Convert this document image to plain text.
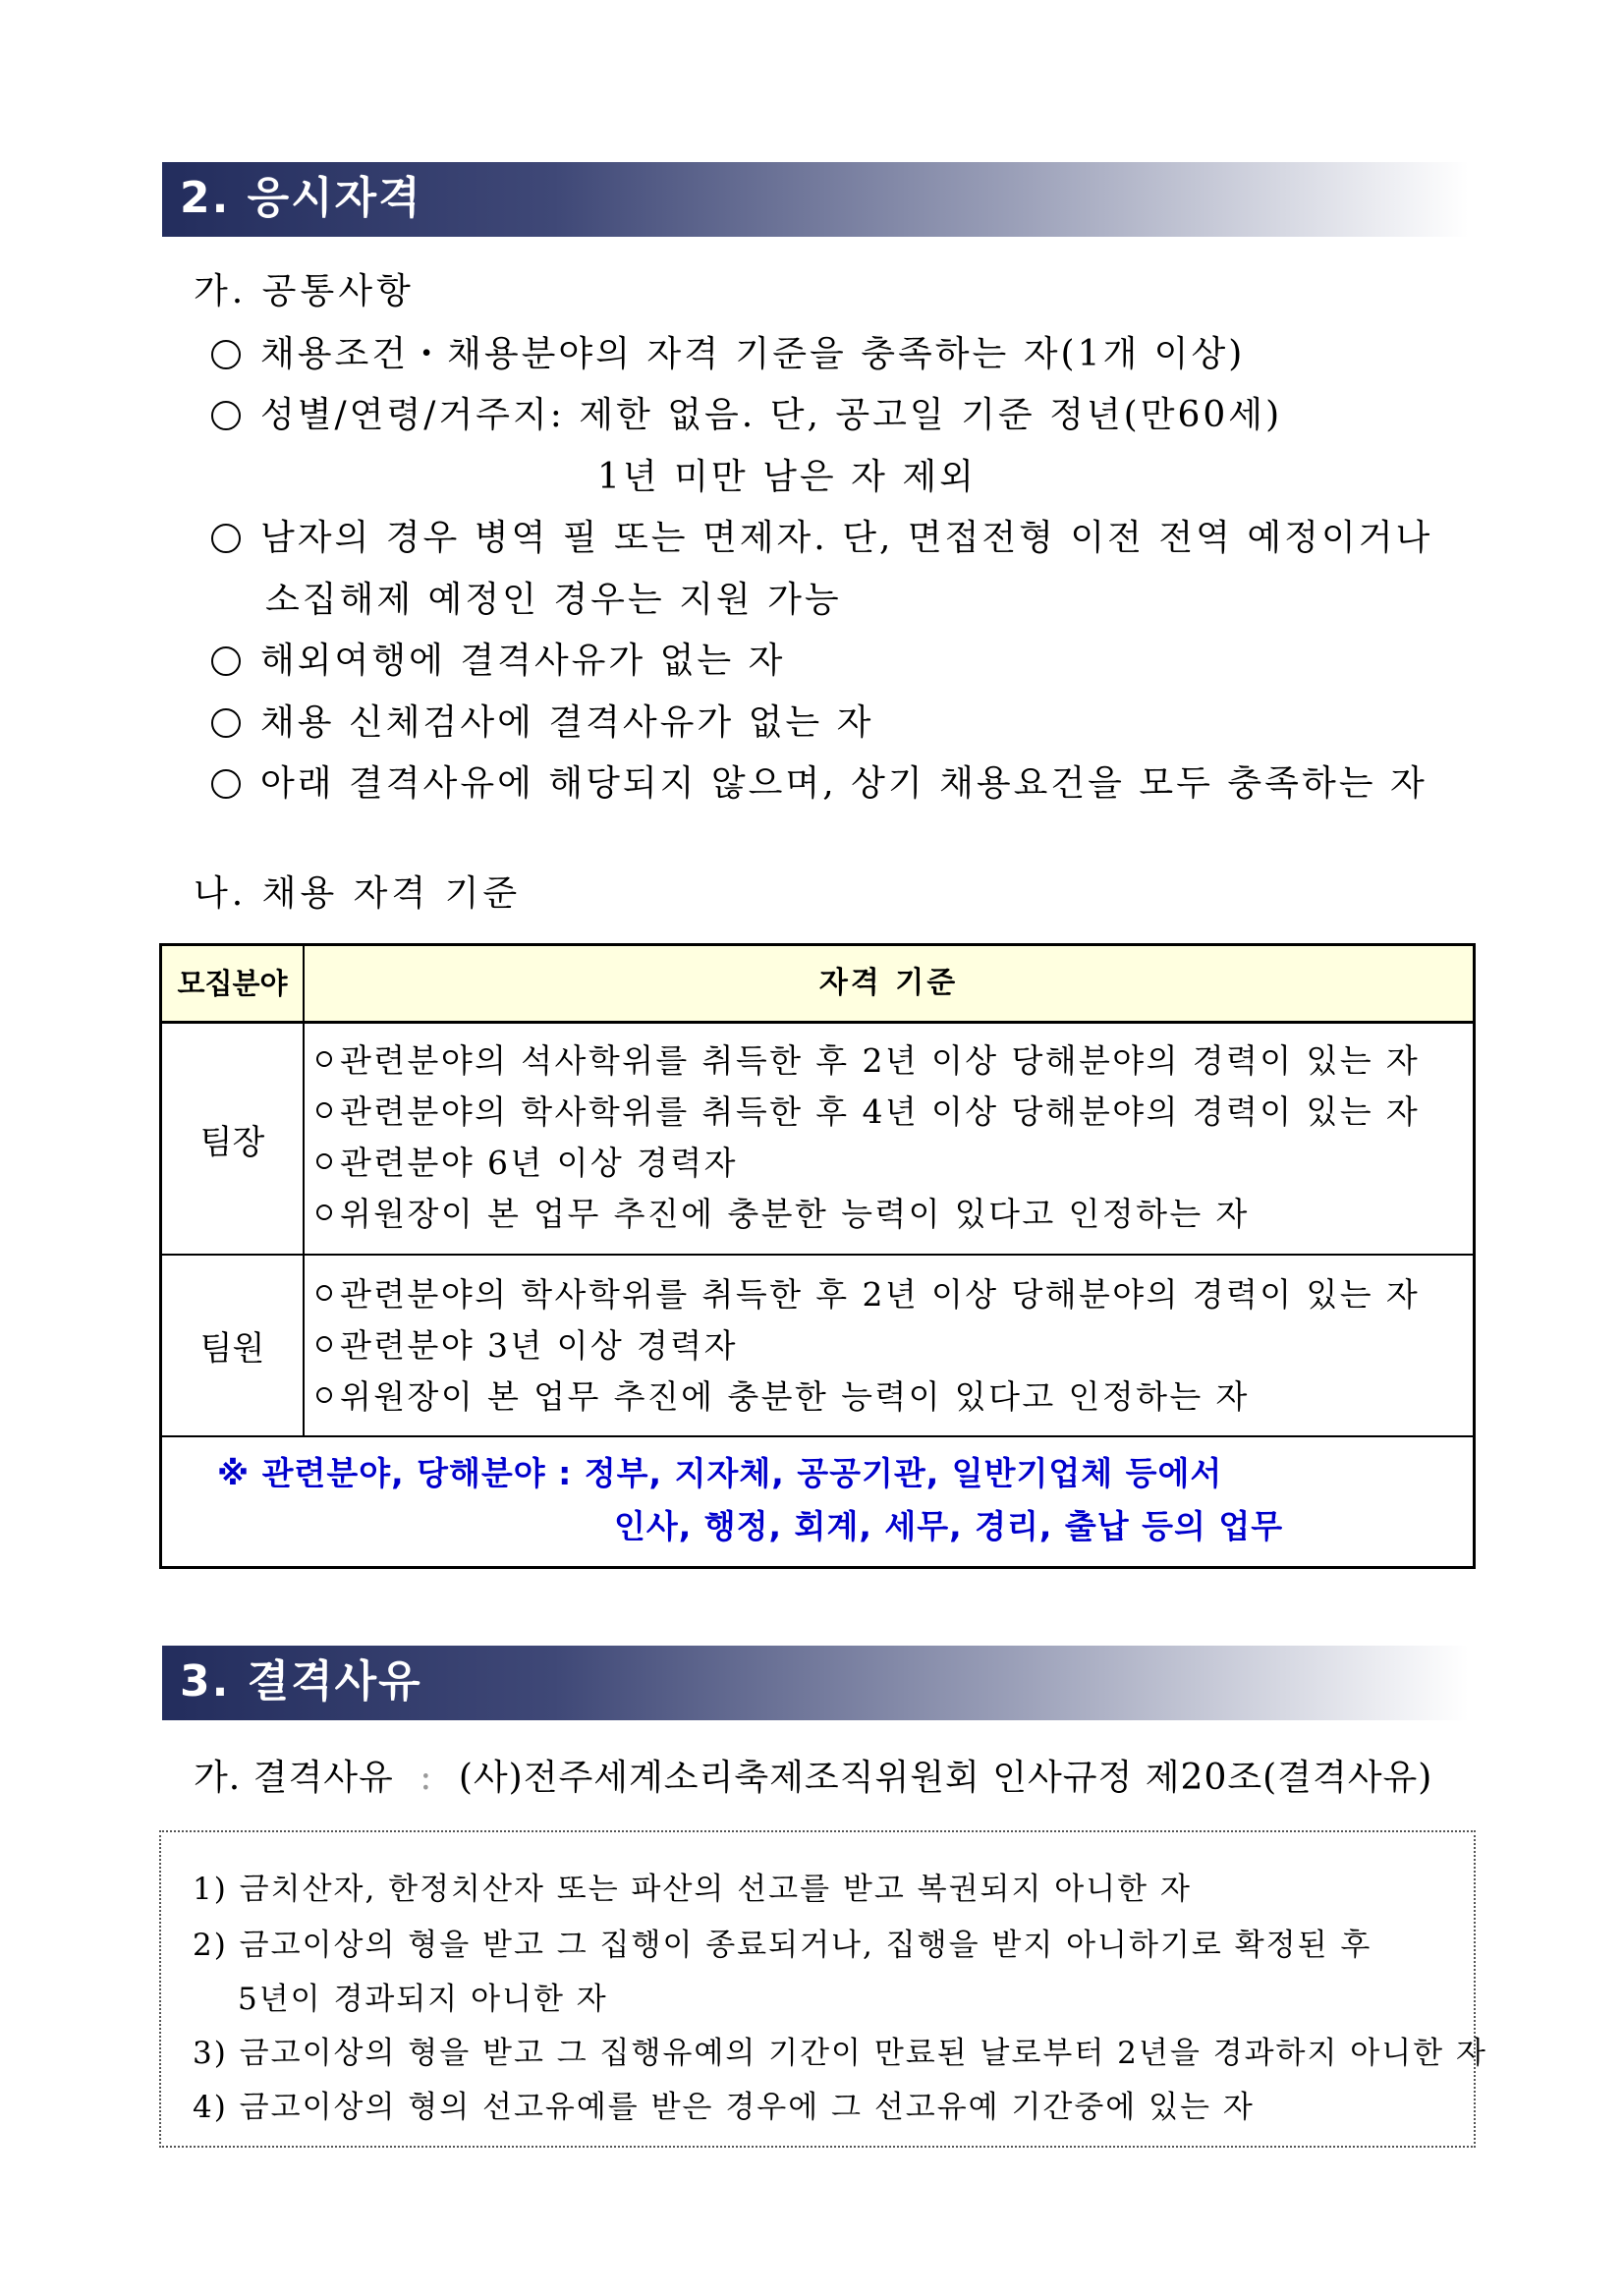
2. 응시자격
가. 공통사항
채용조건・채용분야의 자격 기준을 충족하는 자(1개 이상)
성별/연령/거주지: 제한 없음. 단, 공고일 기준 정년(만60세)
1년 미만 남은 자 제외
남자의 경우 병역 필 또는 면제자. 단, 면접전형 이전 전역 예정이거나
소집해제 예정인 경우는 지원 가능
해외여행에 결격사유가 없는 자
채용 신체검사에 결격사유가 없는 자
아래 결격사유에 해당되지 않으며, 상기 채용요건을 모두 충족하는 자
나. 채용 자격 기준
모집분야	자격 기준
팀장
관련분야의 석사학위를 취득한 후 2년 이상 당해분야의 경력이 있는 자
관련분야의 학사학위를 취득한 후 4년 이상 당해분야의 경력이 있는 자
관련분야 6년 이상 경력자
위원장이 본 업무 추진에 충분한 능력이 있다고 인정하는 자
팀원
관련분야의 학사학위를 취득한 후 2년 이상 당해분야의 경력이 있는 자
관련분야 3년 이상 경력자
위원장이 본 업무 추진에 충분한 능력이 있다고 인정하는 자
※ 관련분야, 당해분야 : 정부, 지자체, 공공기관, 일반기업체 등에서
인사, 행정, 회계, 세무, 경리, 출납 등의 업무
3. 결격사유
가. 결격사유 : (사)전주세계소리축제조직위원회 인사규정 제20조(결격사유)
1) 금치산자, 한정치산자 또는 파산의 선고를 받고 복권되지 아니한 자
2) 금고이상의 형을 받고 그 집행이 종료되거나, 집행을 받지 아니하기로 확정된 후
5년이 경과되지 아니한 자
3) 금고이상의 형을 받고 그 집행유예의 기간이 만료된 날로부터 2년을 경과하지 아니한 자
4) 금고이상의 형의 선고유예를 받은 경우에 그 선고유예 기간중에 있는 자
